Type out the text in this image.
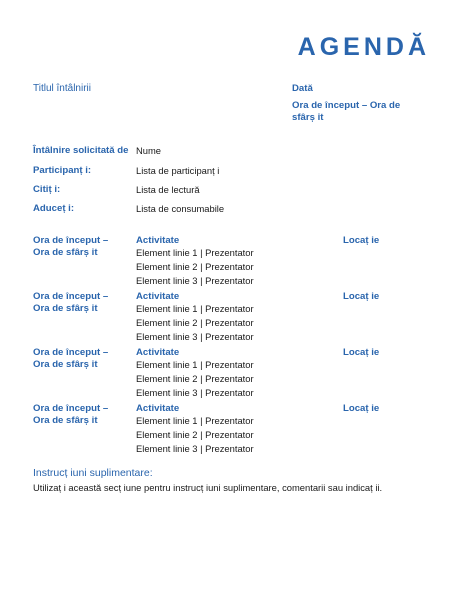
AGENDĂ
Titlul întâlnirii	Dată
Ora de început – Ora de
sfârș it
Întâlnire solicitată de Nume
Participanț i:	Lista de participanț i
Citiț i:	Lista de lectură
Aduceț i:	Lista de consumabile
Ora de început –
Ora de sfârș it
Activitate	Locaț ie
Element linie 1 | Prezentator
Element linie 2 | Prezentator
Element linie 3 | Prezentator
Ora de început –
Ora de sfârș it
Activitate	Locaț ie
Element linie 1 | Prezentator
Element linie 2 | Prezentator
Element linie 3 | Prezentator
Ora de început –
Ora de sfârș it
Activitate	Locaț ie
Element linie 1 | Prezentator
Element linie 2 | Prezentator
Element linie 3 | Prezentator
Ora de început –
Ora de sfârș it
Activitate	Locaț ie
Element linie 1 | Prezentator
Element linie 2 | Prezentator
Element linie 3 | Prezentator
Instrucț iuni suplimentare:
Utilizaț i această secț iune pentru instrucț iuni suplimentare, comentarii sau indicaț ii.
